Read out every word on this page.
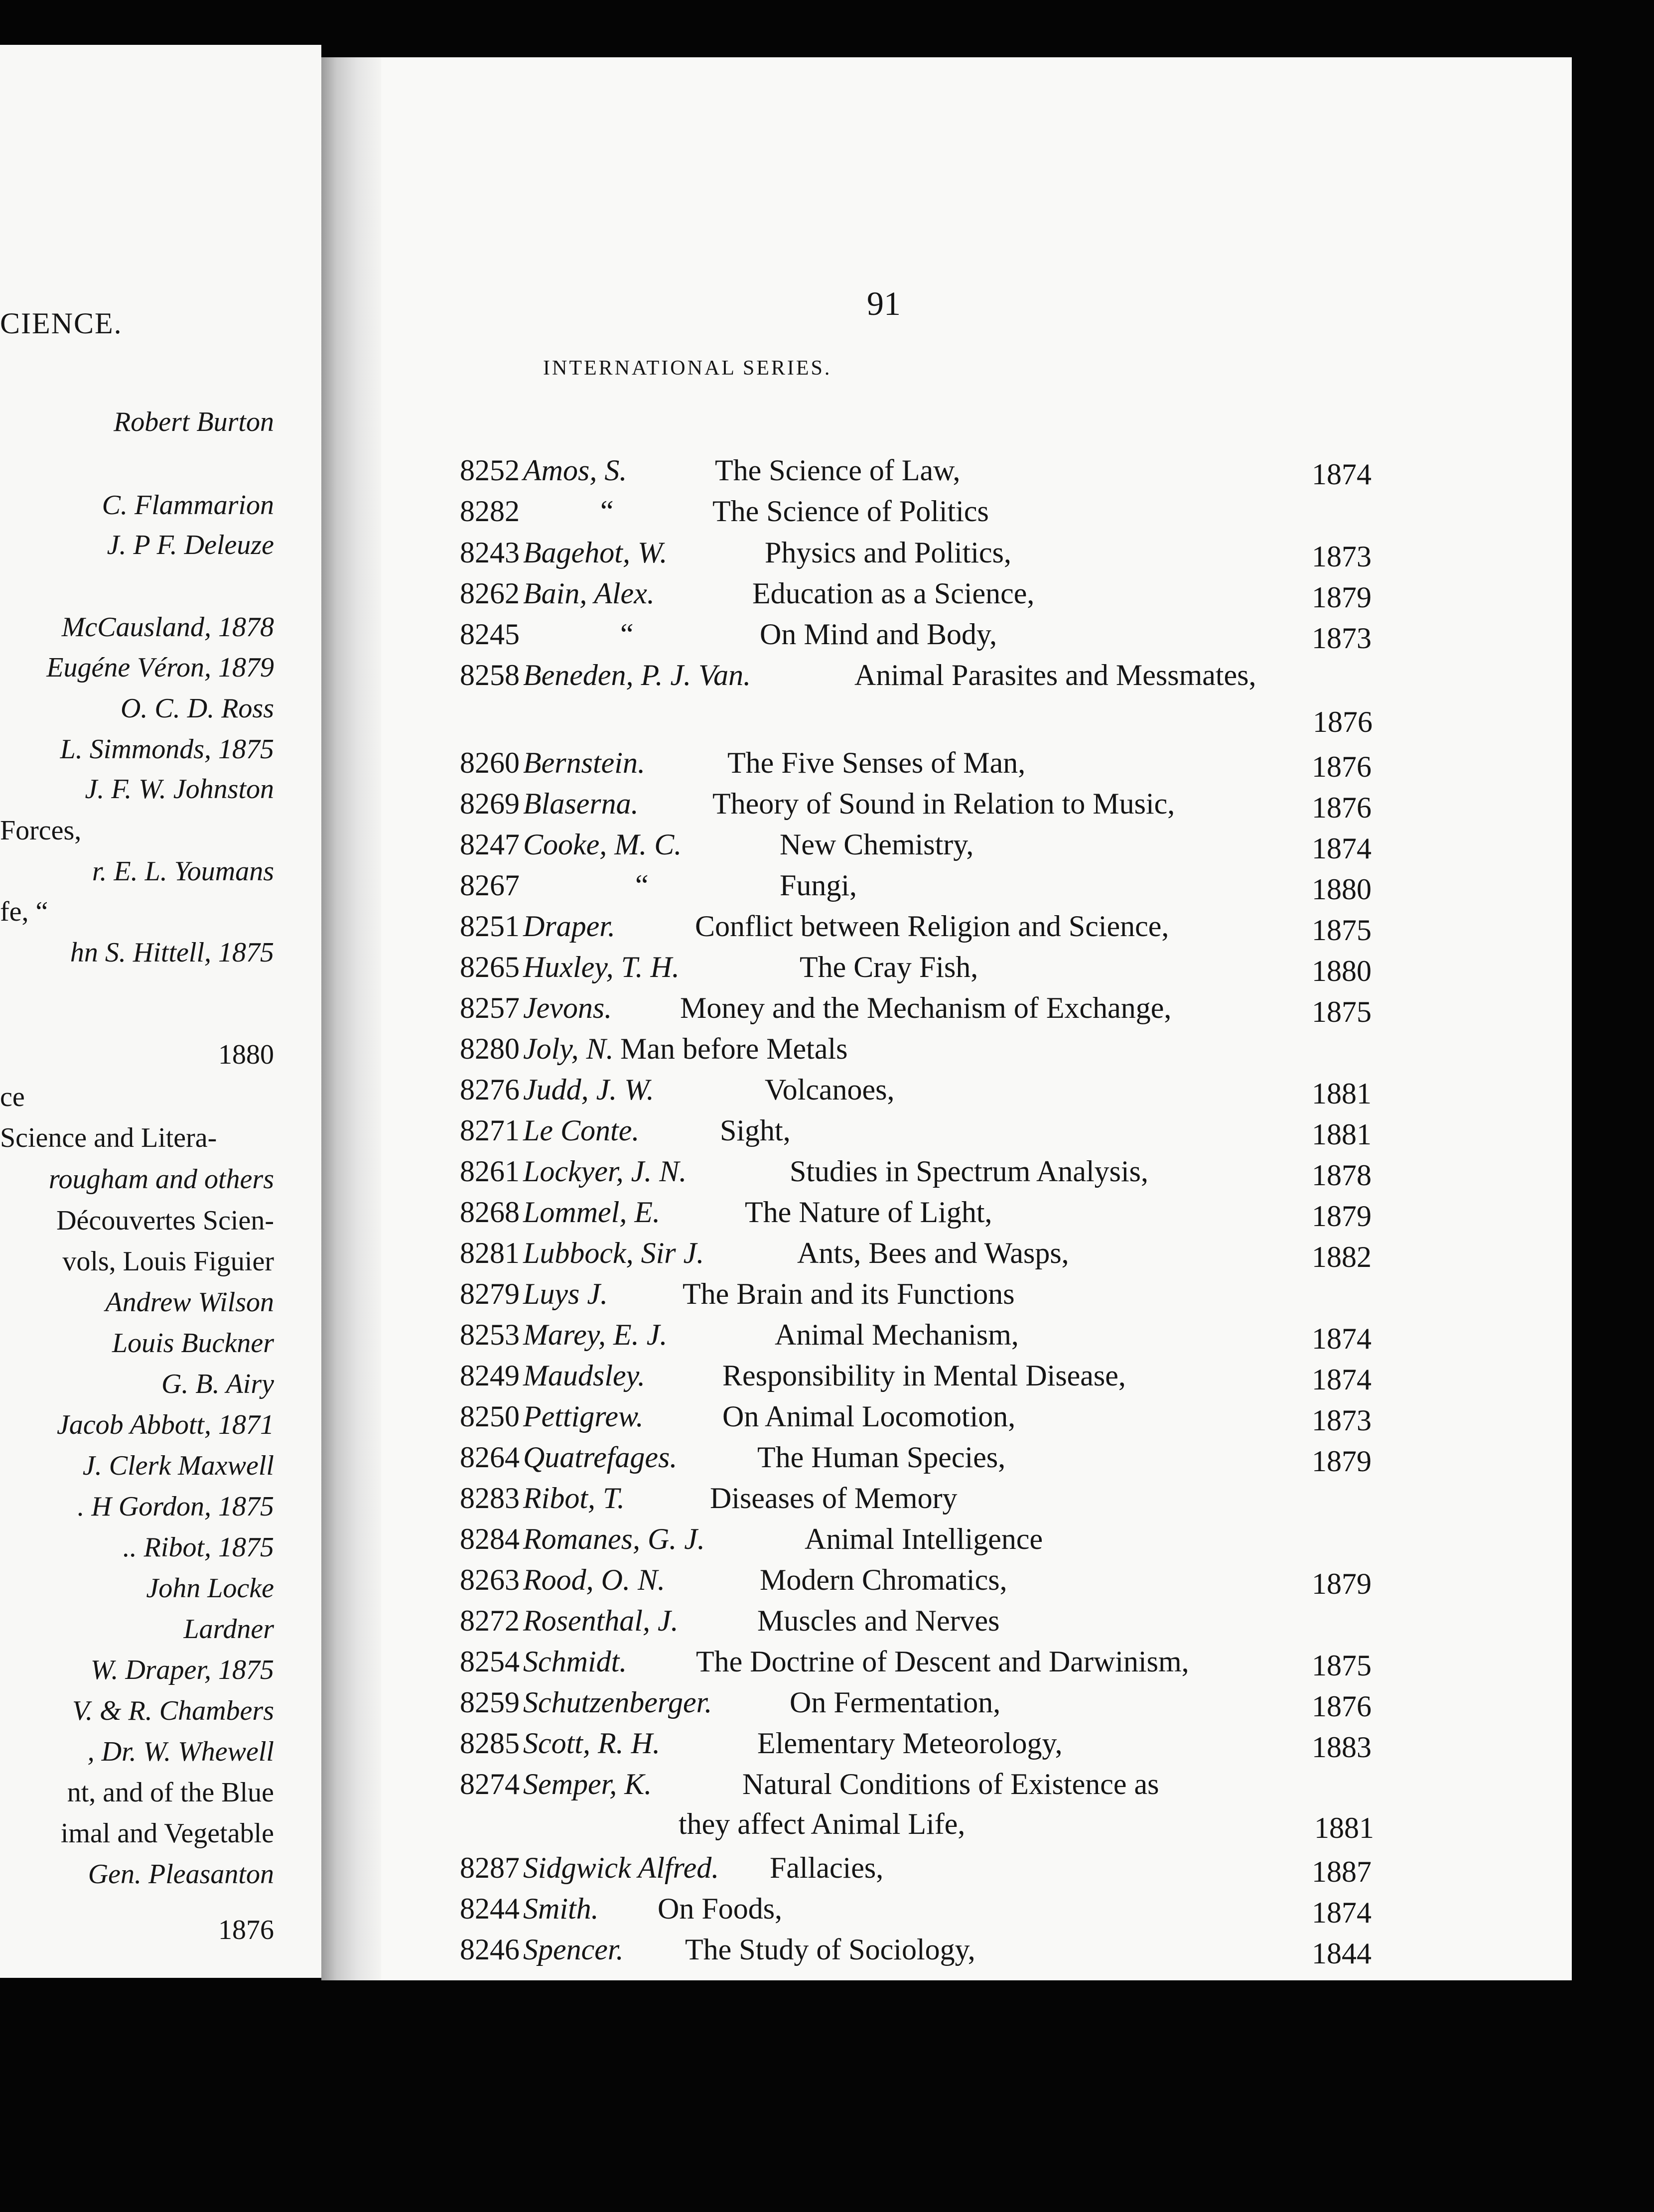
CIENCE.
Robert Burton
C. Flammarion
J. P F. Deleuze
McCausland, 1878
Eugéne Véron, 1879
O. C. D. Ross
L. Simmonds, 1875
J. F. W. Johnston
Forces,
r. E. L. Youmans
fe, “
hn S. Hittell, 1875
1880
ce
Science and Litera-
rougham and others
Découvertes Scien-
vols, Louis Figuier
Andrew Wilson
Louis Buckner
G. B. Airy
Jacob Abbott, 1871
J. Clerk Maxwell
. H Gordon, 1875
.. Ribot, 1875
John Locke
Lardner
W. Draper, 1875
V. & R. Chambers
, Dr. W. Whewell
nt, and of the Blue
imal and Vegetable
Gen. Pleasanton
1876
91
INTERNATIONAL SERIES.
8252 Amos, S.	The Science of Law,	1874
8282	“	The Science of Politics
8243 Bagehot, W.	Physics and Politics,	1873
8262 Bain, Alex.	Education as a Science,	1879
8245	“	On Mind and Body,	1873
8258 Beneden, P. J. Van.	Animal Parasites and Messmates,
1876
8260 Bernstein.	The Five Senses of Man,	1876
8269 Blaserna. Theory of Sound in Relation to Music,	1876
8247 Cooke, M. C.	New Chemistry,	1874
8267	“	Fungi,	1880
8251 Draper.	Conflict between Religion and Science,	1875
8265 Huxley, T. H.	The Cray Fish,	1880
8257 Jevons. Money and the Mechanism of Exchange,	1875
8280 Joly, N. Man before Metals
8276 Judd, J. W.	Volcanoes,	1881
8271 Le Conte.	Sight,	1881
8261 Lockyer, J. N.	Studies in Spectrum Analysis,	1878
8268 Lommel, E.	The Nature of Light,	1879
8281 Lubbock, Sir J.	Ants, Bees and Wasps,	1882
8279 Luys J.	The Brain and its Functions
8253 Marey, E. J.	Animal Mechanism,	1874
8249 Maudsley.	Responsibility in Mental Disease,	1874
8250 Pettigrew.	On Animal Locomotion,	1873
8264 Quatrefages.	The Human Species,	1879
8283 Ribot, T.	Diseases of Memory
8284 Romanes, G. J.	Animal Intelligence
8263 Rood, O. N.	Modern Chromatics,	1879
8272 Rosenthal, J.	Muscles and Nerves
8254 Schmidt. The Doctrine of Descent and Darwinism,	1875
8259 Schutzenberger.	On Fermentation,	1876
8285 Scott, R. H.	Elementary Meteorology,	1883
8274 Semper, K.	Natural Conditions of Existence as
they affect Animal Life,	1881
8287 Sidgwick Alfred. Fallacies,	1887
8244 Smith. On Foods,	1874
8246 Spencer. The Study of Sociology,	1844
